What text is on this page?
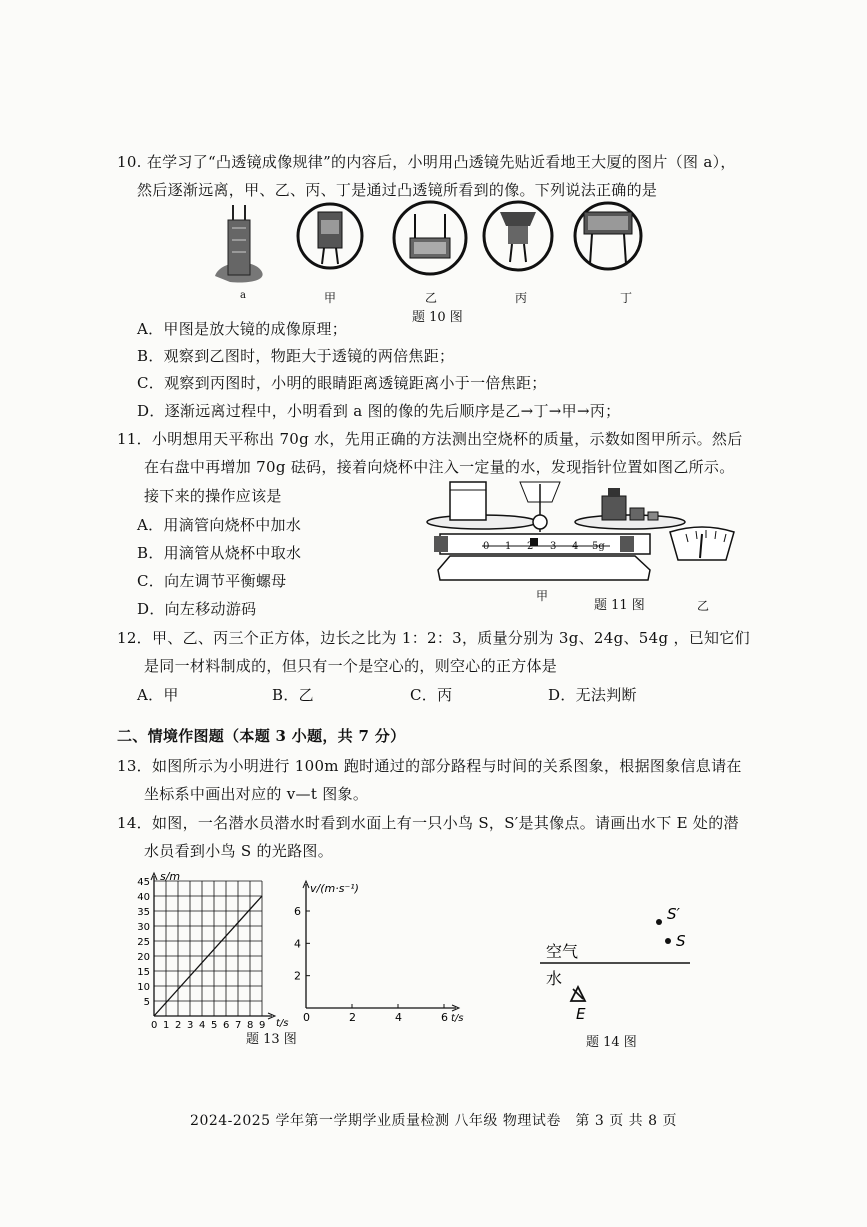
10. 在学习了“凸透镜成像规律”的内容后，小明用凸透镜先贴近看地王大厦的图片（图 a），
然后逐渐远离，甲、乙、丙、丁是通过凸透镜所看到的像。下列说法正确的是
a	甲	乙	丙	丁
题 10 图
A．甲图是放大镜的成像原理；
B．观察到乙图时，物距大于透镜的两倍焦距；
C．观察到丙图时，小明的眼睛距离透镜距离小于一倍焦距；
D．逐渐远离过程中，小明看到 a 图的像的先后顺序是乙→丁→甲→丙；
11．小明想用天平称出 70g 水，先用正确的方法测出空烧杯的质量，示数如图甲所示。然后
在右盘中再增加 70g 砝码，接着向烧杯中注入一定量的水，发现指针位置如图乙所示。
接下来的操作应该是
A．用滴管向烧杯中加水
B．用滴管从烧杯中取水
C．向左调节平衡螺母
D．向左移动游码
0 1 2 3 4 5g
甲
题 11 图	乙
12．甲、乙、丙三个正方体，边长之比为 1：2：3，质量分别为 3g、24g、54g ，已知它们
是同一材料制成的，但只有一个是空心的，则空心的正方体是
A．甲	B．乙	C．丙	D．无法判断
二、情境作图题（本题 3 小题，共 7 分）
13．如图所示为小明进行 100m 跑时通过的部分路程与时间的关系图象，根据图象信息请在
坐标系中画出对应的 v—t 图象。
14．如图，一名潜水员潜水时看到水面上有一只小鸟 S，S′是其像点。请画出水下 E 处的潜
水员看到小鸟 S 的光路图。
s/m
t/s
0 1 2 3 4 5 6 7 8 9
5
10
15
20
25
30
35
40
45
题 13 图
v/(m·s⁻¹)
t/s
0	2	4	6
2
4
6
空气
水
S′
S
E
题 14 图
2024-2025 学年第一学期学业质量检测 八年级 物理试卷　第 3 页 共 8 页
